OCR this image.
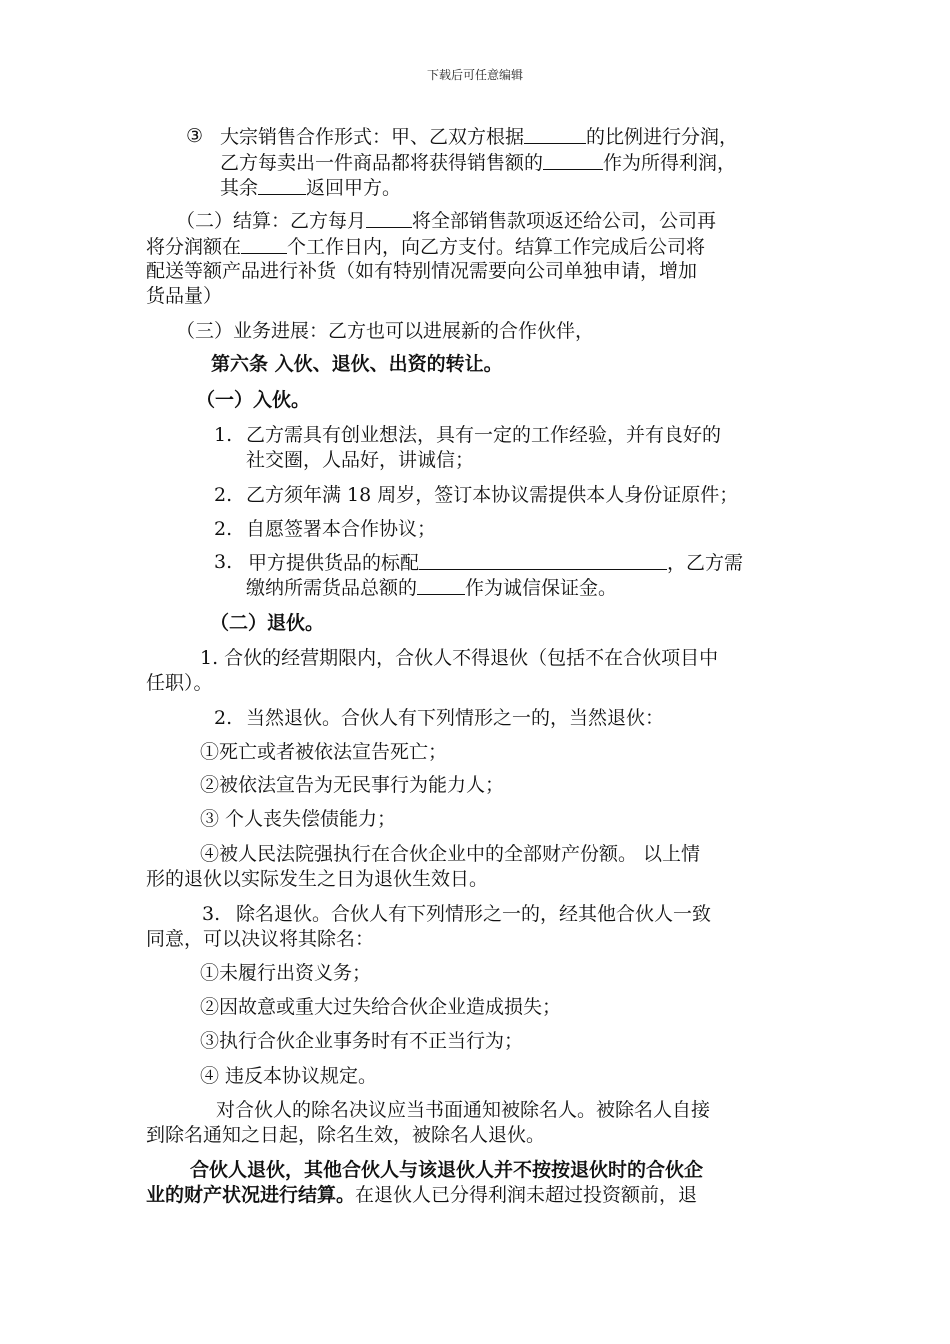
下载后可任意编辑
③ 大宗销售合作形式：甲、乙双方根据	的比例进行分润，
乙方每卖出一件商品都将获得销售额的	作为所得利润，
其余	返回甲方。
（二）结算：乙方每月 将全部销售款项返还给公司，公司再
将分润额在 个工作日内，向乙方支付。结算工作完成后公司将
配送等额产品进行补货（如有特别情况需要向公司单独申请，增加
货品量）
（三）业务进展：乙方也可以进展新的合作伙伴，
第六条 入伙、退伙、出资的转让。
（一）入伙。
1. 乙方需具有创业想法，具有一定的工作经验，并有良好的
社交圈，人品好，讲诚信；
2. 乙方须年满 18 周岁，签订本协议需提供本人身份证原件；
2. 自愿签署本合作协议；
3. 甲方提供货品的标配	，乙方需
缴纳所需货品总额的	作为诚信保证金。
（二）退伙。
1. 合伙的经营期限内，合伙人不得退伙（包括不在合伙项目中
任职）。
2. 当然退伙。合伙人有下列情形之一的，当然退伙：
①死亡或者被依法宣告死亡；
②被依法宣告为无民事行为能力人；
③ 个人丧失偿债能力；
④被人民法院强执行在合伙企业中的全部财产份额。 以上情
形的退伙以实际发生之日为退伙生效日。
3. 除名退伙。合伙人有下列情形之一的，经其他合伙人一致
同意，可以决议将其除名：
①未履行出资义务；
②因故意或重大过失给合伙企业造成损失；
③执行合伙企业事务时有不正当行为；
④ 违反本协议规定。
对合伙人的除名决议应当书面通知被除名人。被除名人自接
到除名通知之日起，除名生效，被除名人退伙。
合伙人退伙，其他合伙人与该退伙人并不按按退伙时的合伙企
业的财产状况进行结算。在退伙人已分得利润未超过投资额前，退
